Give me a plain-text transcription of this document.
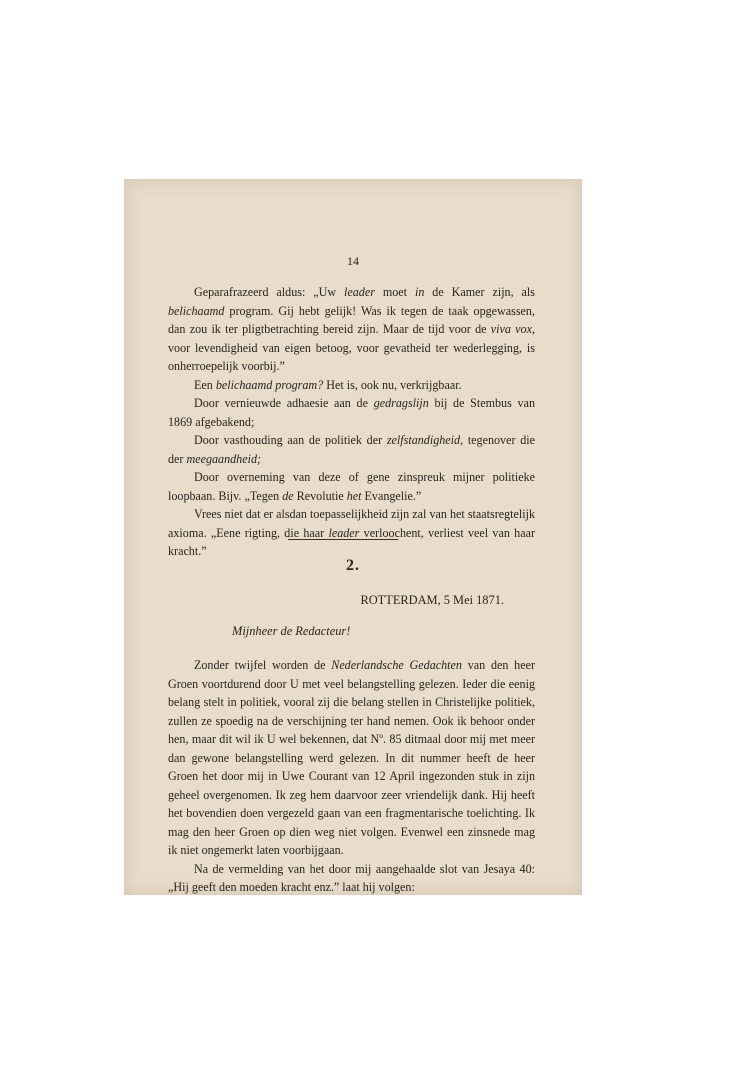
14

Geparafrazeerd aldus: „Uw leader moet in de Kamer zijn, als belichaamd program. Gij hebt gelijk! Was ik tegen de taak opgewassen, dan zou ik ter pligtbetrachting bereid zijn. Maar de tijd voor de viva vox, voor levendigheid van eigen betoog, voor gevatheid ter wederlegging, is onherroepelijk voorbij.”

Een belichaamd program? Het is, ook nu, verkrijgbaar.

Door vernieuwde adhaesie aan de gedragslijn bij de Stembus van 1869 afgebakend;

Door vasthouding aan de politiek der zelfstandigheid, tegenover die der meegaandheid;

Door overneming van deze of gene zinspreuk mijner politieke loopbaan. Bijv. „Tegen de Revolutie het Evangelie.”

Vrees niet dat er alsdan toepasselijkheid zijn zal van het staatsregtelijk axioma. „Eene rigting, die haar leader verloochent, verliest veel van haar kracht.”

2.
ROTTERDAM, 5 Mei 1871.
Mijnheer de Redacteur!

Zonder twijfel worden de Nederlandsche Gedachten van den heer Groen voortdurend door U met veel belangstelling gelezen. Ieder die eenig belang stelt in politiek, vooral zij die belang stellen in Christelijke politiek, zullen ze spoedig na de verschijning ter hand nemen. Ook ik behoor onder hen, maar dit wil ik U wel bekennen, dat Nº. 85 ditmaal door mij met meer dan gewone belangstelling werd gelezen. In dit nummer heeft de heer Groen het door mij in Uwe Courant van 12 April ingezonden stuk in zijn geheel overgenomen. Ik zeg hem daarvoor zeer vriendelijk dank. Hij heeft het bovendien doen vergezeld gaan van een fragmentarische toelichting. Ik mag den heer Groen op dien weg niet volgen. Evenwel een zinsnede mag ik niet ongemerkt laten voorbijgaan.

Na de vermelding van het door mij aangehaalde slot van Jesaya 40: „Hij geeft den moeden kracht enz.” laat hij volgen:
